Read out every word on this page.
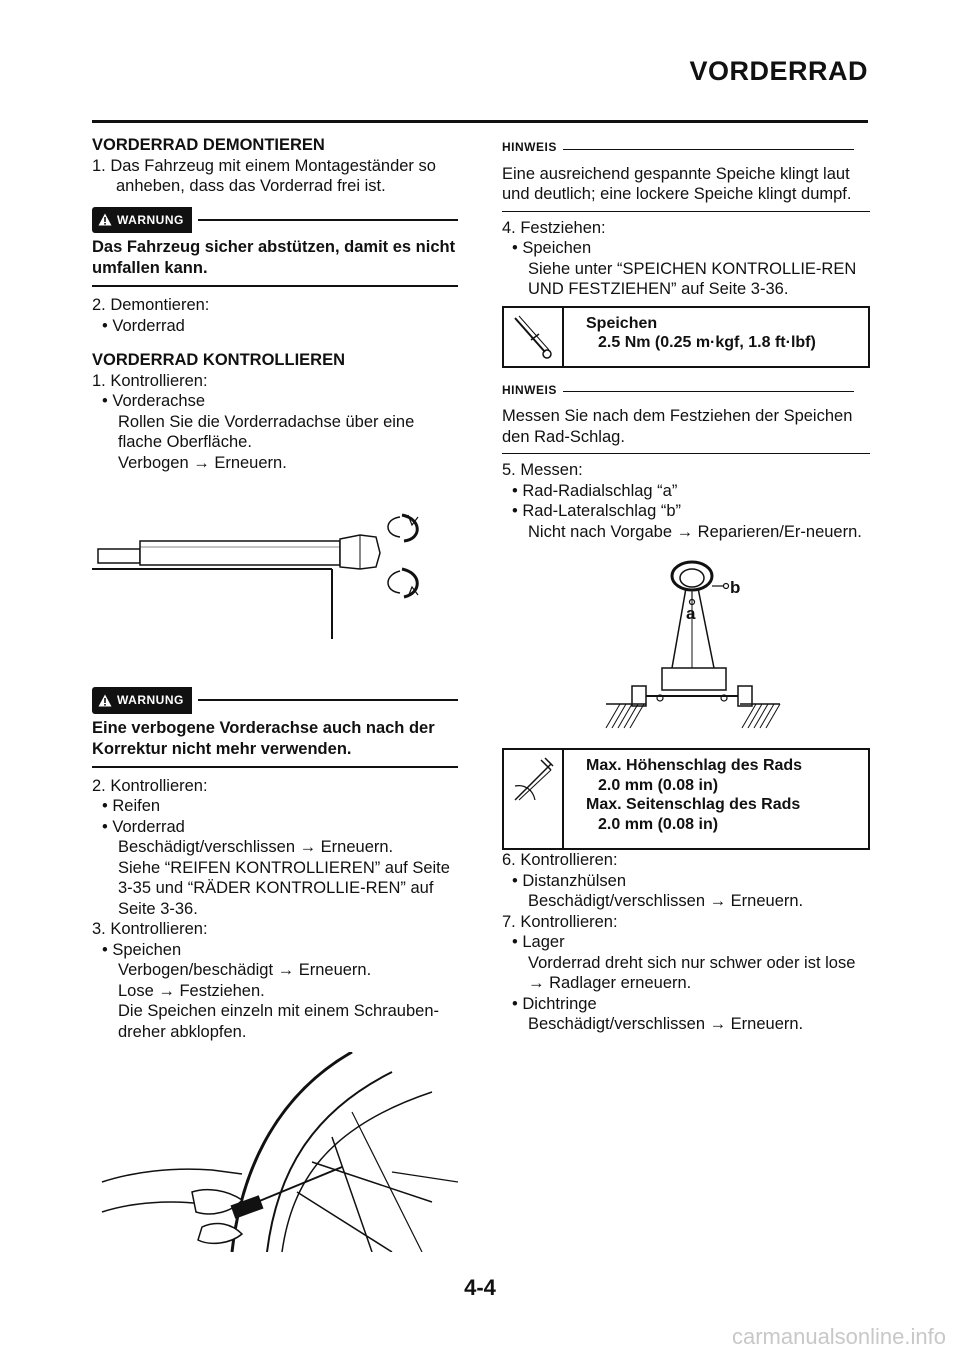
VORDERRAD

VORDERRAD DEMONTIEREN

1. Das Fahrzeug mit einem Montageständer so anheben, dass das Vorderrad frei ist.

WARNUNG

Das Fahrzeug sicher abstützen, damit es nicht umfallen kann.

2. Demontieren:

• Vorderrad

VORDERRAD KONTROLLIEREN

1. Kontrollieren:

• Vorderachse

Rollen Sie die Vorderradachse über eine flache Oberfläche.

Verbogen → Erneuern.

WARNUNG

Eine verbogene Vorderachse auch nach der Korrektur nicht mehr verwenden.

2. Kontrollieren:

• Reifen

• Vorderrad

Beschädigt/verschlissen → Erneuern.

Siehe “REIFEN KONTROLLIEREN” auf Seite 3-35 und “RÄDER KONTROLLIE-REN” auf Seite 3-36.

3. Kontrollieren:

• Speichen

Verbogen/beschädigt → Erneuern.

Lose → Festziehen.

Die Speichen einzeln mit einem Schrauben-dreher abklopfen.

HINWEIS

Eine ausreichend gespannte Speiche klingt laut und deutlich; eine lockere Speiche klingt dumpf.

4. Festziehen:

• Speichen

Siehe unter “SPEICHEN KONTROLLIE-REN UND FESTZIEHEN” auf Seite 3-36.

Speichen
2.5 Nm (0.25 m·kgf, 1.8 ft·lbf)
HINWEIS

Messen Sie nach dem Festziehen der Speichen den Rad-Schlag.

5. Messen:

• Rad-Radialschlag “a”

• Rad-Lateralschlag “b”

Nicht nach Vorgabe → Reparieren/Er-neuern.

b
a
Max. Höhenschlag des Rads
2.0 mm (0.08 in)
Max. Seitenschlag des Rads
2.0 mm (0.08 in)

6. Kontrollieren:

• Distanzhülsen

Beschädigt/verschlissen → Erneuern.

7. Kontrollieren:

• Lager

Vorderrad dreht sich nur schwer oder ist lose → Radlager erneuern.

• Dichtringe

Beschädigt/verschlissen → Erneuern.

4-4
carmanualsonline.info
